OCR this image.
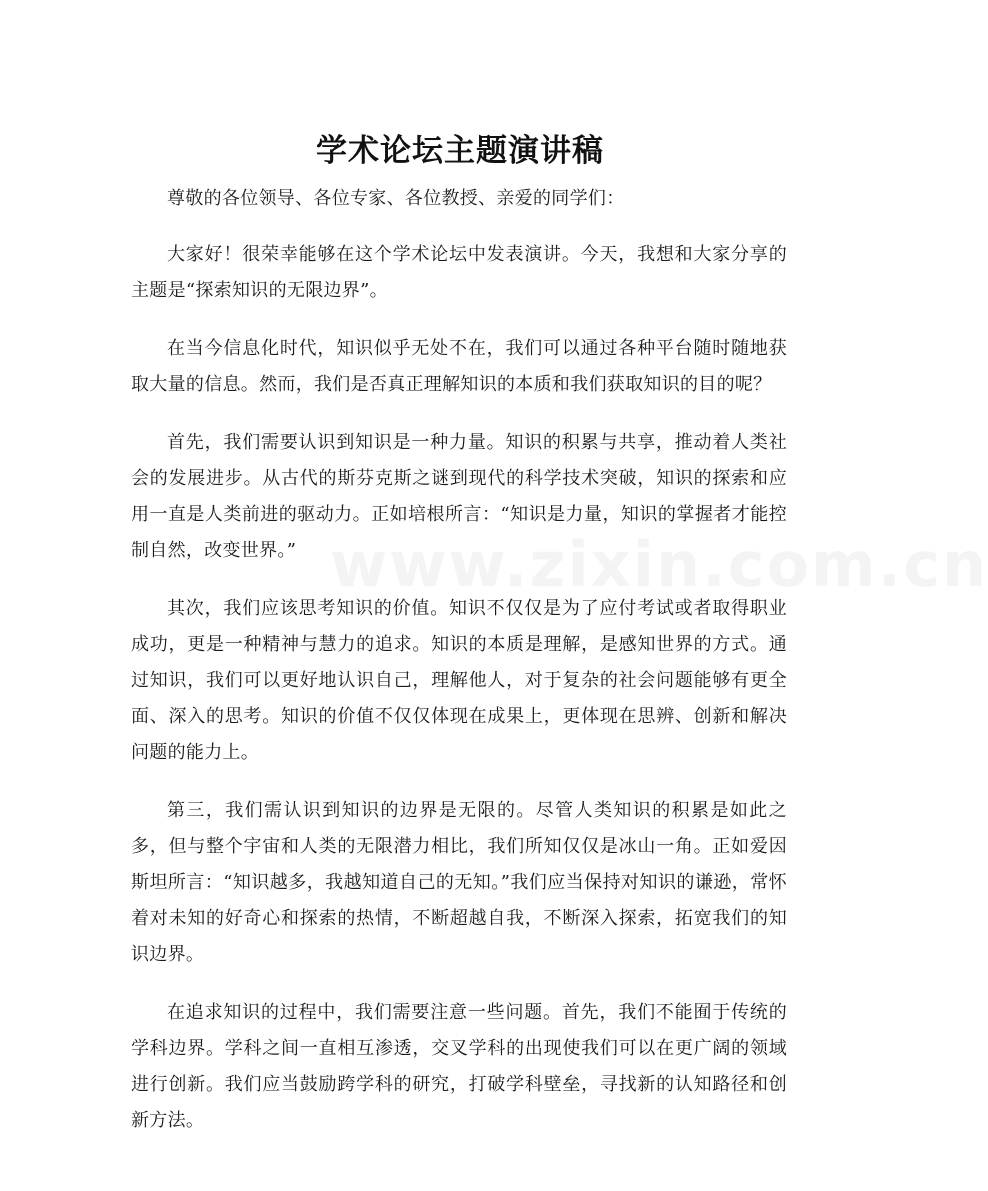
学术论坛主题演讲稿

尊敬的各位领导、各位专家、各位教授、亲爱的同学们：

大家好！很荣幸能够在这个学术论坛中发表演讲。今天，我想和大家分享的主题是“探索知识的无限边界”。

在当今信息化时代，知识似乎无处不在，我们可以通过各种平台随时随地获取大量的信息。然而，我们是否真正理解知识的本质和我们获取知识的目的呢？

首先，我们需要认识到知识是一种力量。知识的积累与共享，推动着人类社会的发展进步。从古代的斯芬克斯之谜到现代的科学技术突破，知识的探索和应用一直是人类前进的驱动力。正如培根所言：“知识是力量，知识的掌握者才能控制自然，改变世界。”

其次，我们应该思考知识的价值。知识不仅仅是为了应付考试或者取得职业成功，更是一种精神与慧力的追求。知识的本质是理解，是感知世界的方式。通过知识，我们可以更好地认识自己，理解他人，对于复杂的社会问题能够有更全面、深入的思考。知识的价值不仅仅体现在成果上，更体现在思辨、创新和解决问题的能力上。

第三，我们需认识到知识的边界是无限的。尽管人类知识的积累是如此之多，但与整个宇宙和人类的无限潜力相比，我们所知仅仅是冰山一角。正如爱因斯坦所言：“知识越多，我越知道自己的无知。”我们应当保持对知识的谦逊，常怀着对未知的好奇心和探索的热情，不断超越自我，不断深入探索，拓宽我们的知识边界。

在追求知识的过程中，我们需要注意一些问题。首先，我们不能囿于传统的学科边界。学科之间一直相互渗透，交叉学科的出现使我们可以在更广阔的领域进行创新。我们应当鼓励跨学科的研究，打破学科壁垒，寻找新的认知路径和创新方法。

www.zixin.com.cn
